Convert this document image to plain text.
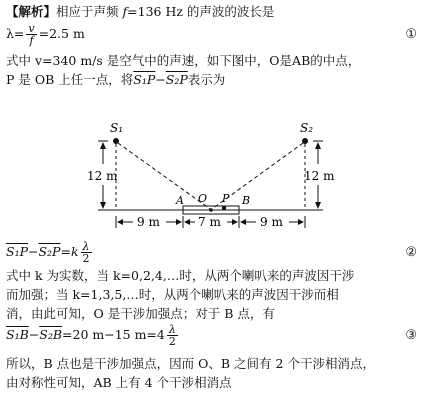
【解析】相应于声频 f=136 Hz 的声波的波长是
$\lambda= \frac{v}{f} =2.5$ m	①
式中 v=340 m/s 是空气中的声速，如下图中，O是AB的中点，
P 是 OB 上任一点，将S₁P−S₂P表示为
S₁	S₂
A O P B
12 m	12 m
9 m	7 m	9 m
$S_1P-S_2P=k \frac{\lambda}{2}$	②
式中 k 为实数，当 k=0,2,4,…时，从两个喇叭来的声波因干涉
而加强；当 k=1,3,5,…时，从两个喇叭来的声波因干涉而相
消，由此可知，O 是干涉加强点；对于 B 点，有
S₁B−S₂B=20 m−15 $m=4 \frac{\lambda}{2}$	③
所以，B 点也是干涉加强点，因而 O、B 之间有 2 个干涉相消点，
由对称性可知，AB 上有 4 个干涉相消点
